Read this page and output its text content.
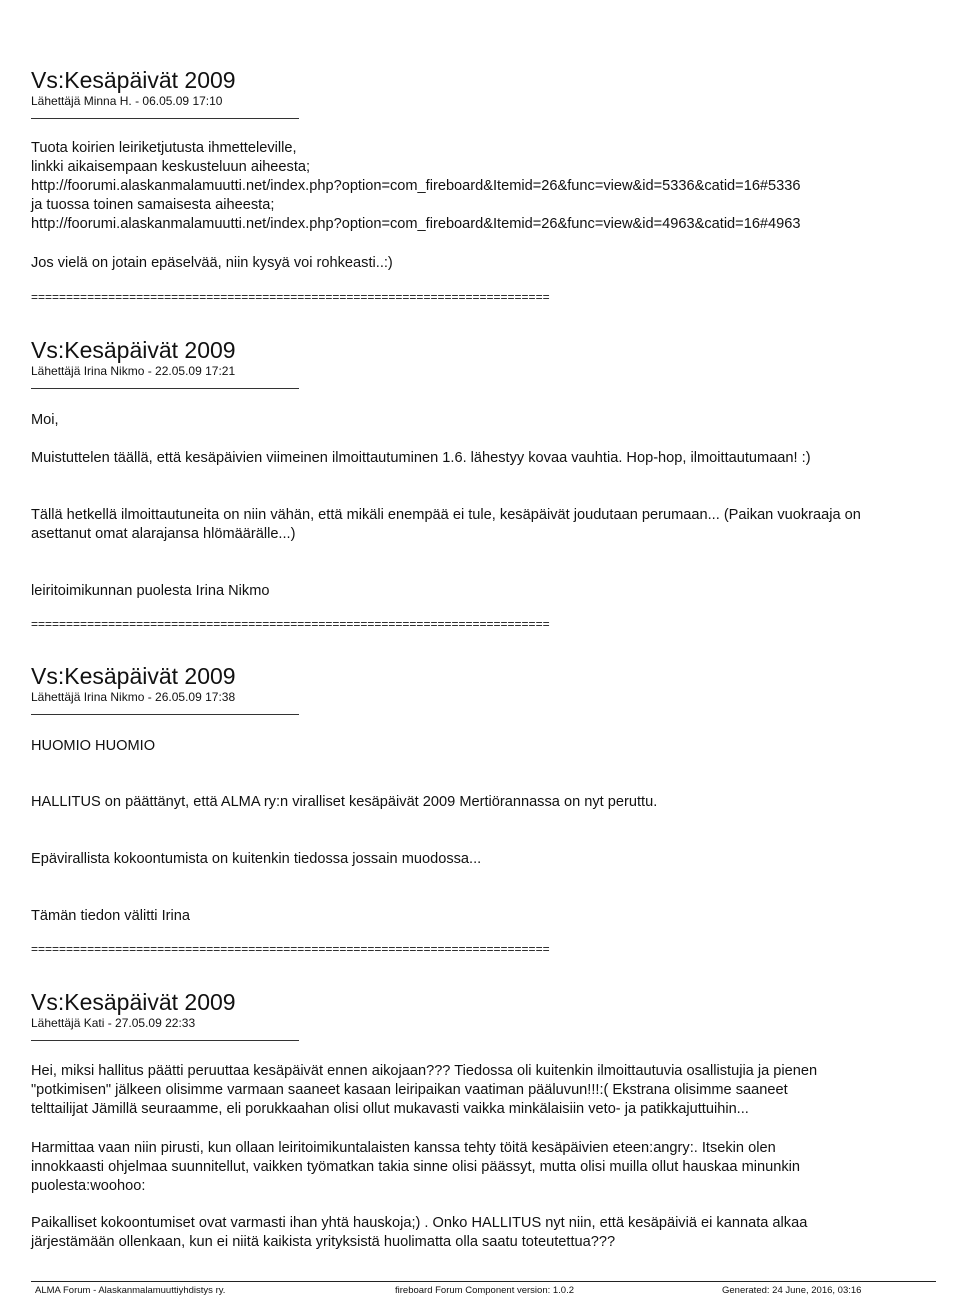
Vs:Kesäpäivät 2009
Lähettäjä Minna H. - 06.05.09 17:10
Tuota koirien leiriketjutusta ihmetteleville,
linkki aikaisempaan keskusteluun aiheesta;
http://foorumi.alaskanmalamuutti.net/index.php?option=com_fireboard&Itemid=26&func=view&id=5336&catid=16#5336
ja tuossa toinen samaisesta aiheesta;
http://foorumi.alaskanmalamuutti.net/index.php?option=com_fireboard&Itemid=26&func=view&id=4963&catid=16#4963
Jos vielä on jotain epäselvää, niin kysyä voi rohkeasti..:)
==========================================================================
Vs:Kesäpäivät 2009
Lähettäjä Irina Nikmo - 22.05.09 17:21
Moi,
Muistuttelen täällä, että kesäpäivien viimeinen ilmoittautuminen 1.6. lähestyy kovaa vauhtia. Hop-hop, ilmoittautumaan! :)
Tällä hetkellä ilmoittautuneita on niin vähän, että mikäli enempää ei tule, kesäpäivät joudutaan perumaan... (Paikan vuokraaja on
asettanut omat alarajansa hlömäärälle...)
leiritoimikunnan puolesta Irina Nikmo
==========================================================================
Vs:Kesäpäivät 2009
Lähettäjä Irina Nikmo - 26.05.09 17:38
HUOMIO HUOMIO
HALLITUS on päättänyt, että ALMA ry:n viralliset kesäpäivät 2009 Mertiörannassa on nyt peruttu.
Epävirallista kokoontumista on kuitenkin tiedossa jossain muodossa...
Tämän tiedon välitti Irina
==========================================================================
Vs:Kesäpäivät 2009
Lähettäjä Kati - 27.05.09 22:33
Hei, miksi hallitus päätti peruuttaa kesäpäivät ennen aikojaan??? Tiedossa oli kuitenkin ilmoittautuvia osallistujia ja pienen
"potkimisen" jälkeen olisimme varmaan saaneet kasaan leiripaikan vaatiman pääluvun!!!:( Ekstrana olisimme saaneet
telttailijat Jämillä seuraamme, eli porukkaahan olisi ollut mukavasti vaikka minkälaisiin veto- ja patikkajuttuihin...
Harmittaa vaan niin pirusti, kun ollaan leiritoimikuntalaisten kanssa tehty töitä kesäpäivien eteen:angry:. Itsekin olen
innokkaasti ohjelmaa suunnitellut, vaikken työmatkan takia sinne olisi päässyt, mutta olisi muilla ollut hauskaa minunkin
puolesta:woohoo:
Paikalliset kokoontumiset ovat varmasti ihan yhtä hauskoja;) . Onko HALLITUS nyt niin, että kesäpäiviä ei kannata alkaa
järjestämään ollenkaan, kun ei niitä kaikista yrityksistä huolimatta olla saatu toteutettua???
ALMA Forum - Alaskanmalamuuttiyhdistys ry.	fireboard Forum Component version: 1.0.2	Generated: 24 June, 2016, 03:16
